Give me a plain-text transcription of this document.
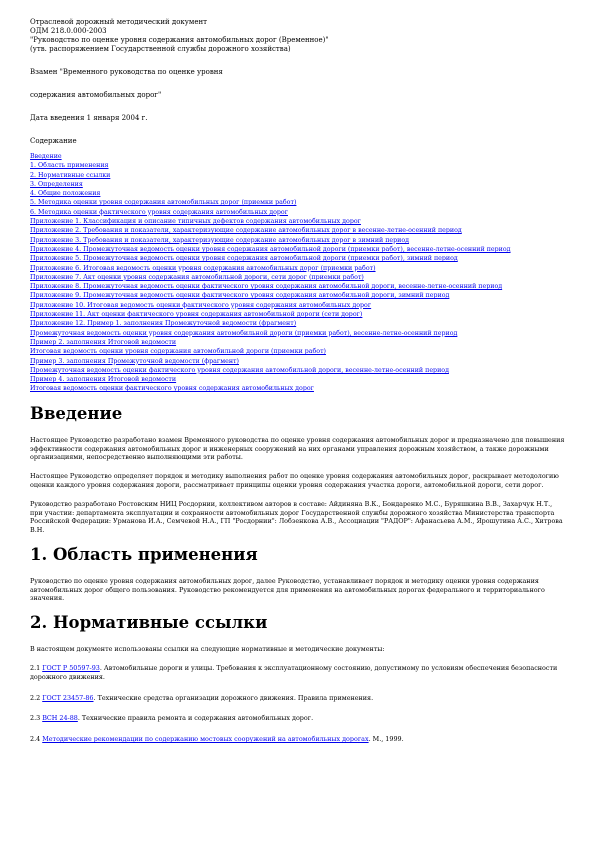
Отраслевой дорожный методический документ
ОДМ 218.0.000-2003
"Руководство по оценке уровня содержания автомобильных дорог (Временное)"
(утв. распоряжением Государственной службы дорожного хозяйства)
Взамен "Временного руководства по оценке уровня
содержания автомобильных дорог"
Дата введения 1 января 2004 г.
Содержание
Введение
1. Область применения
2. Нормативные ссылки
3. Определения
4. Общие положения
5. Методика оценки уровня содержания автомобильных дорог (приемки работ)
6. Методика оценки фактического уровня содержания автомобильных дорог
Приложение 1. Классификация и описание типичных дефектов содержания автомобильных дорог
Приложение 2. Требования и показатели, характеризующие содержание автомобильных дорог в весенне-летне-осенний период
Приложение 3. Требования и показатели, характеризующие содержание автомобильных дорог в зимний период
Приложение 4. Промежуточная ведомость оценки уровня содержания автомобильной дороги (приемки работ), весенне-летне-осенний период
Приложение 5. Промежуточная ведомость оценки уровня содержания автомобильной дороги (приемки работ), зимний период
Приложение 6. Итоговая ведомость оценки уровня содержания автомобильных дорог (приемки работ)
Приложение 7. Акт оценки уровня содержания автомобильной дороги, сети дорог (приемки работ)
Приложение 8. Промежуточная ведомость оценки фактического уровня содержания автомобильной дороги, весенне-летне-осенний период
Приложение 9. Промежуточная ведомость оценки фактического уровня содержания автомобильной дороги, зимний период
Приложение 10. Итоговая ведомость оценки фактического уровня содержания автомобильных дорог
Приложение 11. Акт оценки фактического уровня содержания автомобильной дороги (сети дорог)
Приложение 12. Пример 1. заполнения Промежуточной ведомости (фрагмент)
Промежуточная ведомость оценки уровня содержания автомобильной дороги (приемки работ), весенне-летне-осенний период
Пример 2. заполнения Итоговой ведомости
Итоговая ведомость оценки уровня содержания автомобильной дороги (приемки работ)
Пример 3. заполнения Промежуточной ведомости (фрагмент)
Промежуточная ведомость оценки фактического уровня содержания автомобильной дороги, весенне-летне-осенний период
Пример 4. заполнения Итоговой ведомости
Итоговая ведомость оценки фактического уровня содержания автомобильных дорог
Введение

Настоящее Руководство разработано взамен Временного руководства по оценке уровня содержания автомобильных дорог и предназначено для повышения эффективности содержания автомобильных дорог и инженерных сооружений на них органами управления дорожным хозяйством, а также дорожными организациями, непосредственно выполняющими эти работы.

Настоящее Руководство определяет порядок и методику выполнения работ по оценке уровня содержания автомобильных дорог, раскрывает методологию оценки каждого уровня содержания дороги, рассматривает принципы оценки уровня содержания участка дороги, автомобильной дороги, сети дорог.

Руководство разработано Ростовским НИЦ Росдорнии, коллективом авторов в составе: Айдиняна В.К., Бондаренко М.С., Буряшкина В.В., Захарчук Н.Т., при участии: департамента эксплуатации и сохранности автомобильных дорог Государственной службы дорожного хозяйства Министерства транспорта Российской Федерации: Урманова И.А., Семчевой Н.А., ГП "Росдорнии": Лобзенкова А.В., Ассоциации "РАДОР": Афанасьева А.М., Ярошутина А.С., Хитрова В.Н.

1. Область применения

Руководство по оценке уровня содержания автомобильных дорог, далее Руководство, устанавливает порядок и методику оценки уровня содержания автомобильных дорог общего пользования. Руководство рекомендуется для применения на автомобильных дорогах федерального и территориального значения.

2. Нормативные ссылки

В настоящем документе использованы ссылки на следующие нормативные и методические документы:

2.1 ГОСТ Р 50597-93. Автомобильные дороги и улицы. Требования к эксплуатационному состоянию, допустимому по условиям обеспечения безопасности дорожного движения.
2.2 ГОСТ 23457-86. Технические средства организации дорожного движения. Правила применения.
2.3 ВСН 24-88. Технические правила ремонта и содержания автомобильных дорог.
2.4 Методические рекомендации по содержанию мостовых сооружений на автомобильных дорогах. М., 1999.
